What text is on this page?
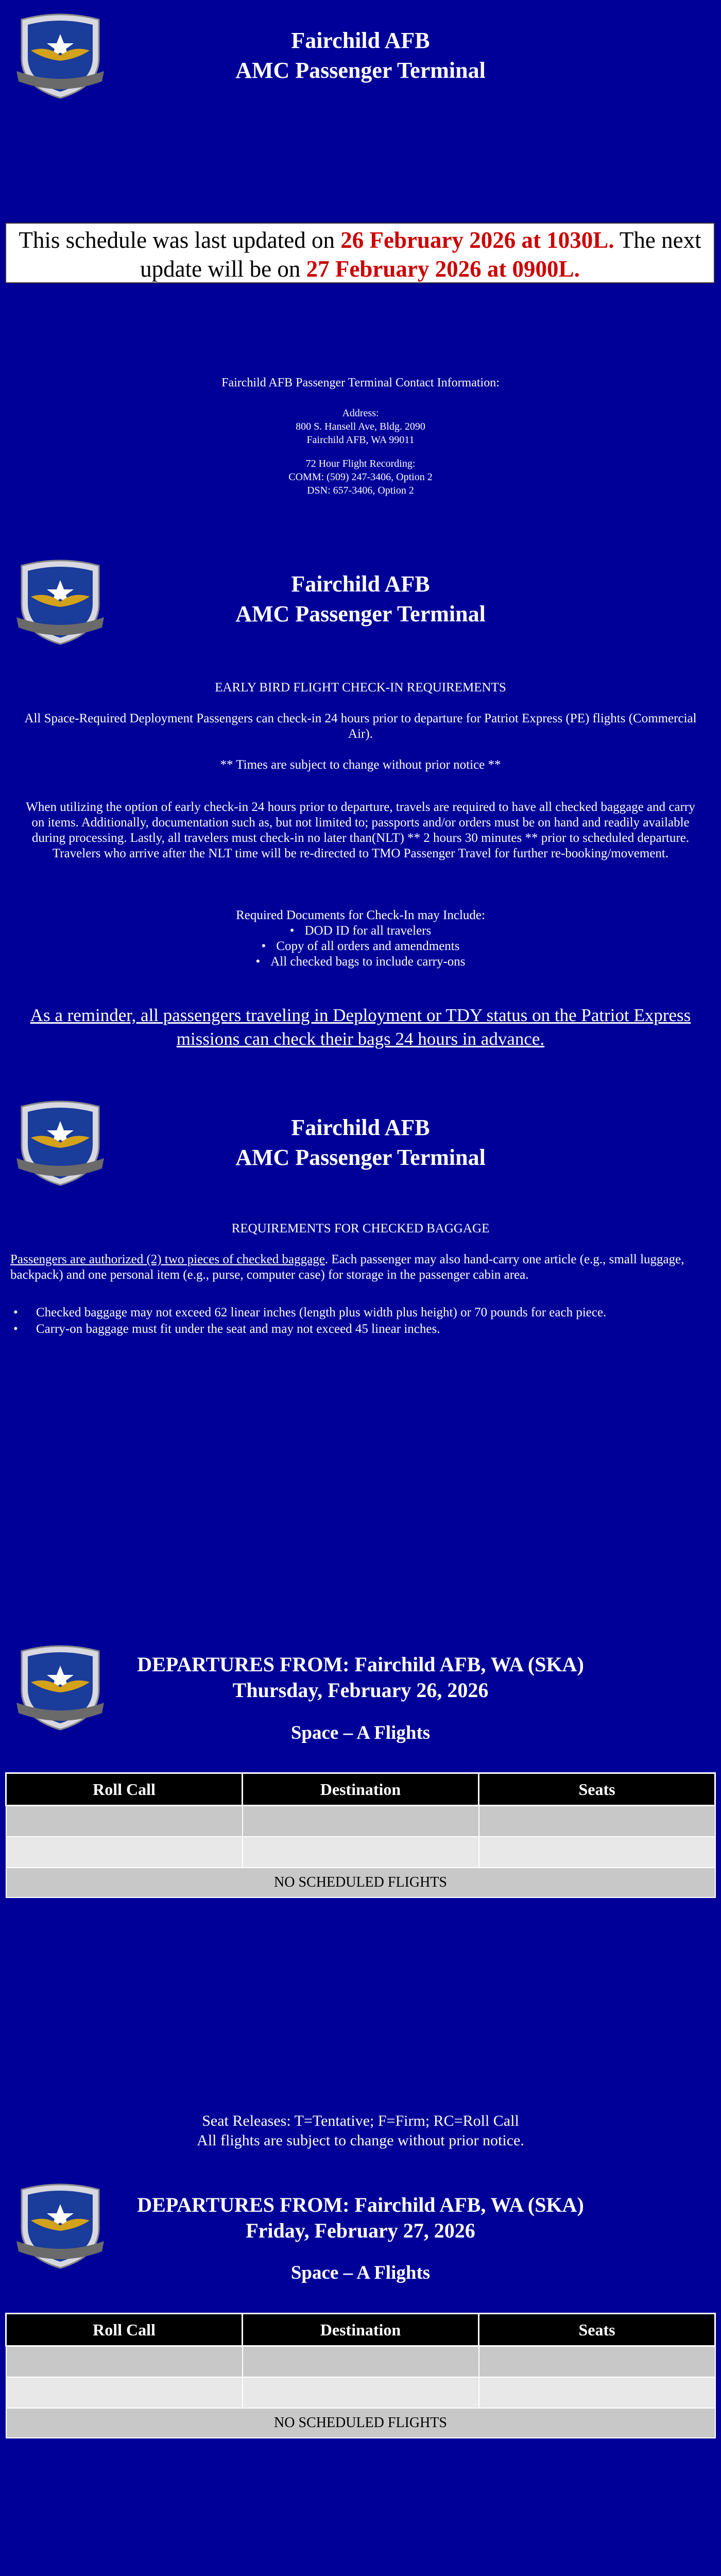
Fairchild AFB
AMC Passenger Terminal
This schedule was last updated on 26 February 2026 at 1030L. The next update will be on 27 February 2026 at 0900L.
Fairchild AFB Passenger Terminal Contact Information:
Address:
800 S. Hansell Ave, Bldg. 2090
Fairchild AFB, WA 99011
72 Hour Flight Recording:
COMM: (509) 247-3406, Option 2
DSN: 657-3406, Option 2
Fairchild AFB
AMC Passenger Terminal
EARLY BIRD FLIGHT CHECK-IN REQUIREMENTS
All Space-Required Deployment Passengers can check-in 24 hours prior to departure for Patriot Express (PE) flights (Commercial Air).
** Times are subject to change without prior notice **
When utilizing the option of early check-in 24 hours prior to departure, travels are required to have all checked baggage and carry on items. Additionally, documentation such as, but not limited to; passports and/or orders must be on hand and readily available during processing. Lastly, all travelers must check-in no later than(NLT) ** 2 hours 30 minutes ** prior to scheduled departure. Travelers who arrive after the NLT time will be re-directed to TMO Passenger Travel for further re-booking/movement.
Required Documents for Check-In may Include:
• DOD ID for all travelers
• Copy of all orders and amendments
• All checked bags to include carry-ons
As a reminder, all passengers traveling in Deployment or TDY status on the Patriot Express missions can check their bags 24 hours in advance.
Fairchild AFB
AMC Passenger Terminal
REQUIREMENTS FOR CHECKED BAGGAGE
Passengers are authorized (2) two pieces of checked baggage. Each passenger may also hand-carry one article (e.g., small luggage, backpack) and one personal item (e.g., purse, computer case) for storage in the passenger cabin area.
• Checked baggage may not exceed 62 linear inches (length plus width plus height) or 70 pounds for each piece.
• Carry-on baggage must fit under the seat and may not exceed 45 linear inches.
DEPARTURES FROM: Fairchild AFB, WA (SKA)
Thursday, February 26, 2026
Space – A Flights
Roll Call	Destination	Seats

NO SCHEDULED FLIGHTS		
Seat Releases: T=Tentative; F=Firm; RC=Roll Call
All flights are subject to change without prior notice.
DEPARTURES FROM: Fairchild AFB, WA (SKA)
Friday, February 27, 2026
Space – A Flights
Roll Call	Destination	Seats

NO SCHEDULED FLIGHTS		
